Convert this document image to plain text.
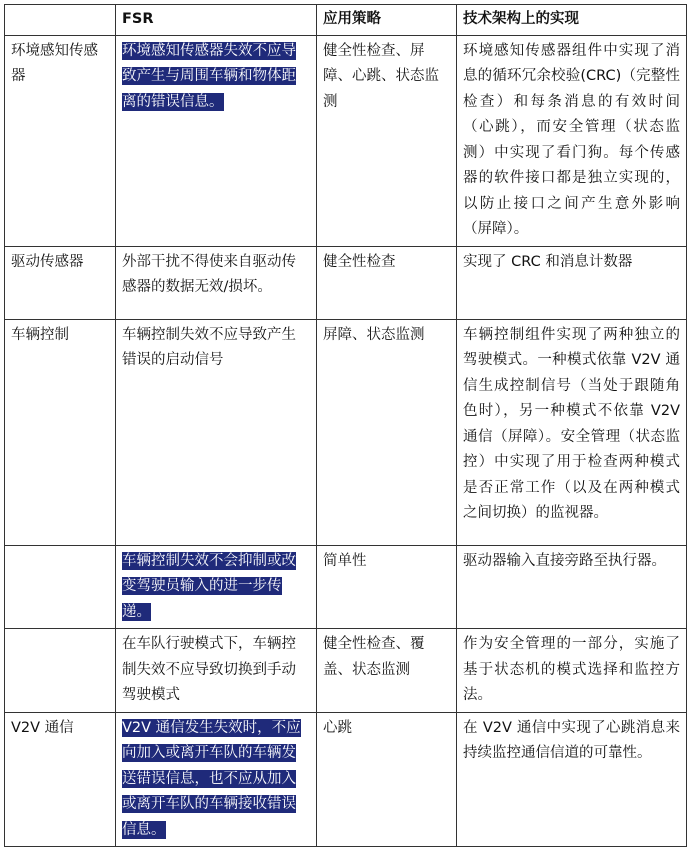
	FSR	应用策略	技术架构上的实现
环境感知传感器	环境感知传感器失效不应导致产生与周围车辆和物体距离的错误信息。	健全性检查、屏障、心跳、状态监测	环境感知传感器组件中实现了消息的循环冗余校验(CRC)（完整性检查）和每条消息的有效时间（心跳），而安全管理（状态监测）中实现了看门狗。每个传感器的软件接口都是独立实现的，以防止接口之间产生意外影响（屏障）。
驱动传感器	外部干扰不得使来自驱动传感器的数据无效/损坏。	健全性检查	实现了 CRC 和消息计数器
车辆控制	车辆控制失效不应导致产生错误的启动信号	屏障、状态监测	车辆控制组件实现了两种独立的驾驶模式。一种模式依靠 V2V 通信生成控制信号（当处于跟随角色时），另一种模式不依靠 V2V 通信（屏障）。安全管理（状态监控）中实现了用于检查两种模式是否正常工作（以及在两种模式之间切换）的监视器。
	车辆控制失效不会抑制或改变驾驶员输入的进一步传递。	简单性	驱动器输入直接旁路至执行器。
	在车队行驶模式下，车辆控制失效不应导致切换到手动驾驶模式	健全性检查、覆盖、状态监测	作为安全管理的一部分，实施了基于状态机的模式选择和监控方法。
V2V 通信	V2V 通信发生失效时，不应向加入或离开车队的车辆发送错误信息，也不应从加入或离开车队的车辆接收错误信息。	心跳	在 V2V 通信中实现了心跳消息来持续监控通信信道的可靠性。
